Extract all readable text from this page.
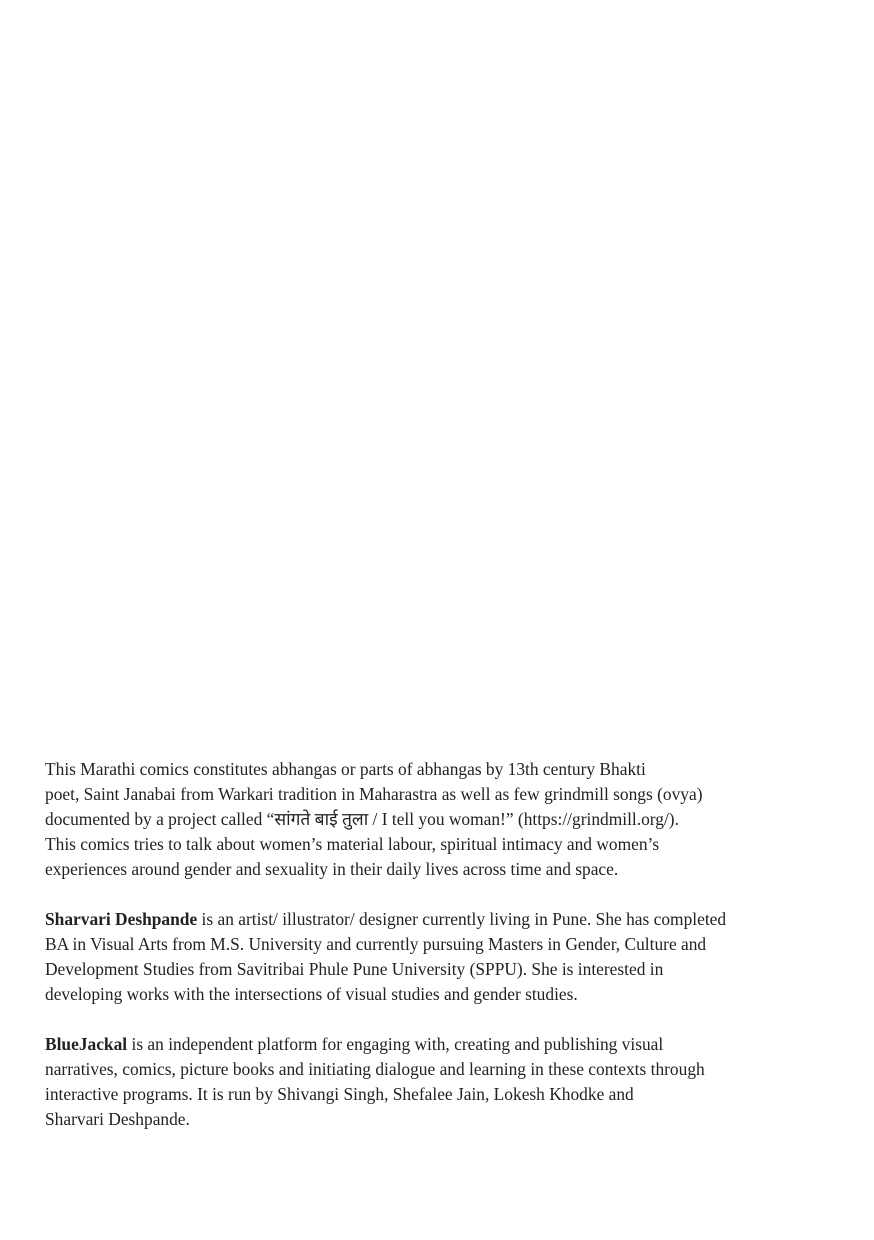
This Marathi comics constitutes abhangas or parts of abhangas by 13th century Bhakti
poet, Saint Janabai from Warkari tradition in Maharastra as well as few grindmill songs (ovya)
documented by a project called “सांगते बाई तुला / I tell you woman!” (https://grindmill.org/).
This comics tries to talk about women’s material labour, spiritual intimacy and women’s
experiences around gender and sexuality in their daily lives across time and space.

Sharvari Deshpande is an artist/ illustrator/ designer currently living in Pune. She has completed
BA in Visual Arts from M.S. University and currently pursuing Masters in Gender, Culture and
Development Studies from Savitribai Phule Pune University (SPPU). She is interested in
developing works with the intersections of visual studies and gender studies.

BlueJackal is an independent platform for engaging with, creating and publishing visual
narratives, comics, picture books and initiating dialogue and learning in these contexts through
interactive programs. It is run by Shivangi Singh, Shefalee Jain, Lokesh Khodke and
Sharvari Deshpande.
